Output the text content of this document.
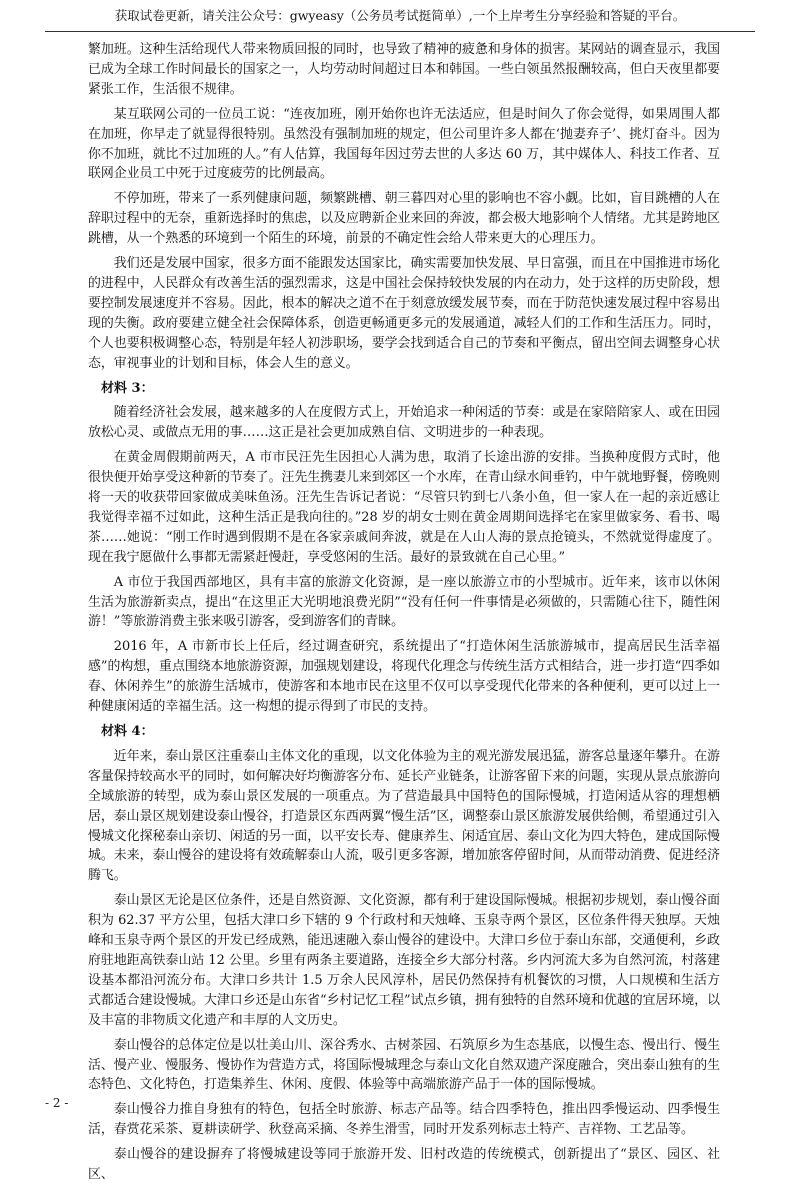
获取试卷更新，请关注公众号：gwyeasy（公务员考试挺简单）,一个上岸考生分享经验和答疑的平台。

繁加班。这种生活给现代人带来物质回报的同时，也导致了精神的疲惫和身体的损害。某网站的调查显示，我国已成为全球工作时间最长的国家之一，人均劳动时间超过日本和韩国。一些白领虽然报酬较高，但白天夜里都要紧张工作，生活很不规律。

某互联网公司的一位员工说：“连夜加班，刚开始你也许无法适应，但是时间久了你会觉得，如果周围人都在加班，你早走了就显得很特别。虽然没有强制加班的规定，但公司里许多人都在‘抛妻弃子’、挑灯奋斗。因为你不加班，就比不过加班的人。”有人估算，我国每年因过劳去世的人多达 60 万，其中媒体人、科技工作者、互联网企业员工中死于过度疲劳的比例最高。

不停加班，带来了一系列健康问题，频繁跳槽、朝三暮四对心里的影响也不容小觑。比如，盲目跳槽的人在辞职过程中的无奈，重新选择时的焦虑，以及应聘新企业来回的奔波，都会极大地影响个人情绪。尤其是跨地区跳槽，从一个熟悉的环境到一个陌生的环境，前景的不确定性会给人带来更大的心理压力。

我们还是发展中国家，很多方面不能跟发达国家比，确实需要加快发展、早日富强，而且在中国推进市场化的进程中，人民群众有改善生活的强烈需求，这是中国社会保持较快发展的内在动力，处于这样的历史阶段，想要控制发展速度并不容易。因此，根本的解决之道不在于刻意放缓发展节奏，而在于防范快速发展过程中容易出现的失衡。政府要建立健全社会保障体系，创造更畅通更多元的发展通道，减轻人们的工作和生活压力。同时，个人也要积极调整心态，特别是年轻人初涉职场，要学会找到适合自己的节奏和平衡点，留出空间去调整身心状态，审视事业的计划和目标，体会人生的意义。

材料 3：

随着经济社会发展，越来越多的人在度假方式上，开始追求一种闲适的节奏：或是在家陪陪家人、或在田园放松心灵、或做点无用的事……这正是社会更加成熟自信、文明进步的一种表现。

在黄金周假期前两天，A 市市民汪先生因担心人满为患，取消了长途出游的安排。当换种度假方式时，他很快便开始享受这种新的节奏了。汪先生携妻儿来到郊区一个水库，在青山绿水间垂钓，中午就地野餐，傍晚则将一天的收获带回家做成美味鱼汤。汪先生告诉记者说：“尽管只钓到七八条小鱼，但一家人在一起的亲近感让我觉得幸福不过如此，这种生活正是我向往的。”28 岁的胡女士则在黄金周期间选择宅在家里做家务、看书、喝茶……她说：“刚工作时遇到假期不是在各家亲戚间奔波，就是在人山人海的景点抢镜头，不然就觉得虚度了。现在我宁愿做什么事都无需紧赶慢赶，享受悠闲的生活。最好的景致就在自己心里。”

A 市位于我国西部地区，具有丰富的旅游文化资源，是一座以旅游立市的小型城市。近年来，该市以休闲生活为旅游新卖点，提出“在这里正大光明地浪费光阴”“没有任何一件事情是必须做的，只需随心往下，随性闲游！”等旅游消费主张来吸引游客，受到游客们的青睐。

2016 年，A 市新市长上任后，经过调查研究，系统提出了“打造休闲生活旅游城市，提高居民生活幸福感”的构想，重点围绕本地旅游资源，加强规划建设，将现代化理念与传统生活方式相结合，进一步打造“四季如春、休闲养生”的旅游生活城市，使游客和本地市民在这里不仅可以享受现代化带来的各种便利，更可以过上一种健康闲适的幸福生活。这一构想的提示得到了市民的支持。

材料 4：

近年来，泰山景区注重泰山主体文化的重现，以文化体验为主的观光游发展迅猛，游客总量逐年攀升。在游客量保持较高水平的同时，如何解决好均衡游客分布、延长产业链条，让游客留下来的问题，实现从景点旅游向全域旅游的转型，成为泰山景区发展的一项重点。为了营造最具中国特色的国际慢城，打造闲适从容的理想栖居，泰山景区规划建设泰山慢谷，打造景区东西两翼“慢生活”区，调整泰山景区旅游发展供给侧，希望通过引入慢城文化探秘泰山亲切、闲适的另一面，以平安长寿、健康养生、闲适宜居、泰山文化为四大特色，建成国际慢城。未来，泰山慢谷的建设将有效疏解泰山人流，吸引更多客源，增加旅客停留时间，从而带动消费、促进经济腾飞。

泰山景区无论是区位条件，还是自然资源、文化资源，都有利于建设国际慢城。根据初步规划，泰山慢谷面积为 62.37 平方公里，包括大津口乡下辖的 9 个行政村和天烛峰、玉泉寺两个景区，区位条件得天独厚。天烛峰和玉泉寺两个景区的开发已经成熟，能迅速融入泰山慢谷的建设中。大津口乡位于泰山东部，交通便利，乡政府驻地距高铁泰山站 12 公里。乡里有两条主要道路，连接全乡大部分村落。乡内河流大多为自然河流，村落建设基本都沿河流分布。大津口乡共计 1.5 万余人民风淳朴，居民仍然保持有机餐饮的习惯，人口规模和生活方式都适合建设慢城。大津口乡还是山东省“乡村记忆工程”试点乡镇，拥有独特的自然环境和优越的宜居环境，以及丰富的非物质文化遗产和丰厚的人文历史。

泰山慢谷的总体定位是以壮美山川、深谷秀水、古树茶园、石筑原乡为生态基底，以慢生态、慢出行、慢生活、慢产业、慢服务、慢协作为营造方式，将国际慢城理念与泰山文化自然双遗产深度融合，突出泰山独有的生态特色、文化特色，打造集养生、休闲、度假、体验等中高端旅游产品于一体的国际慢城。

泰山慢谷力推自身独有的特色，包括全时旅游、标志产品等。结合四季特色，推出四季慢运动、四季慢生活，春赏花采茶、夏耕读研学、秋登高采摘、冬养生滑雪，同时开发系列标志土特产、吉祥物、工艺品等。

泰山慢谷的建设摒弃了将慢城建设等同于旅游开发、旧村改造的传统模式，创新提出了“景区、园区、社区、

- 2 -
